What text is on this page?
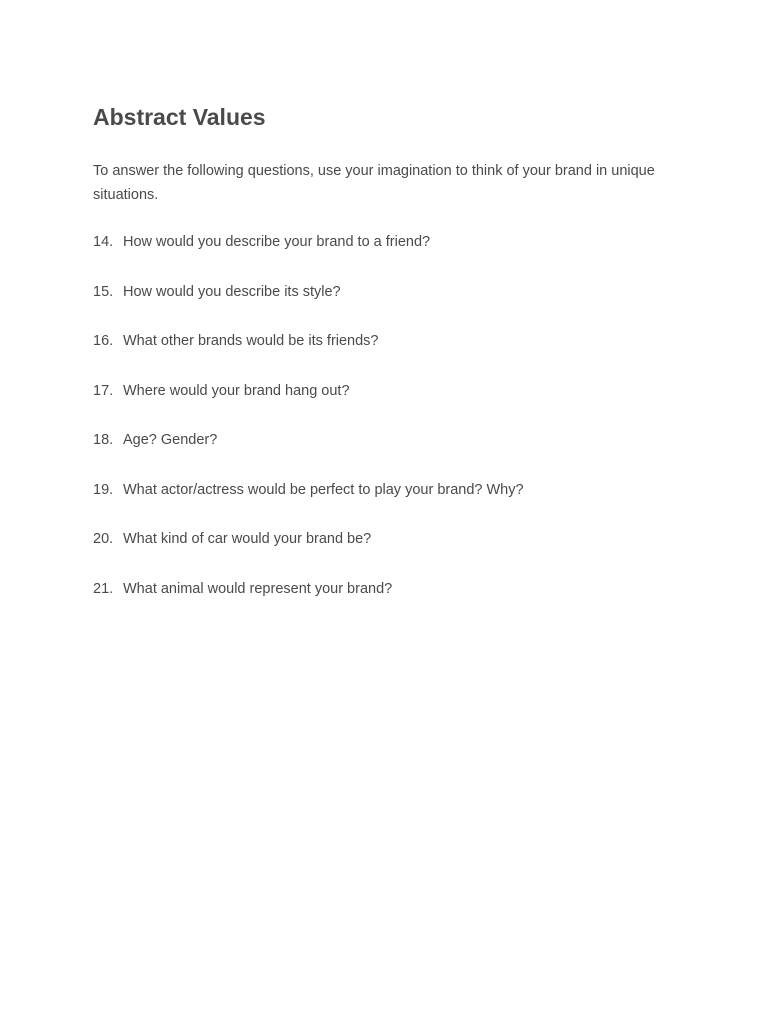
Abstract Values

To answer the following questions, use your imagination to think of your brand in unique situations.

14. How would you describe your brand to a friend?
15. How would you describe its style?
16. What other brands would be its friends?
17. Where would your brand hang out?
18. Age? Gender?
19. What actor/actress would be perfect to play your brand? Why?
20. What kind of car would your brand be?
21. What animal would represent your brand?
